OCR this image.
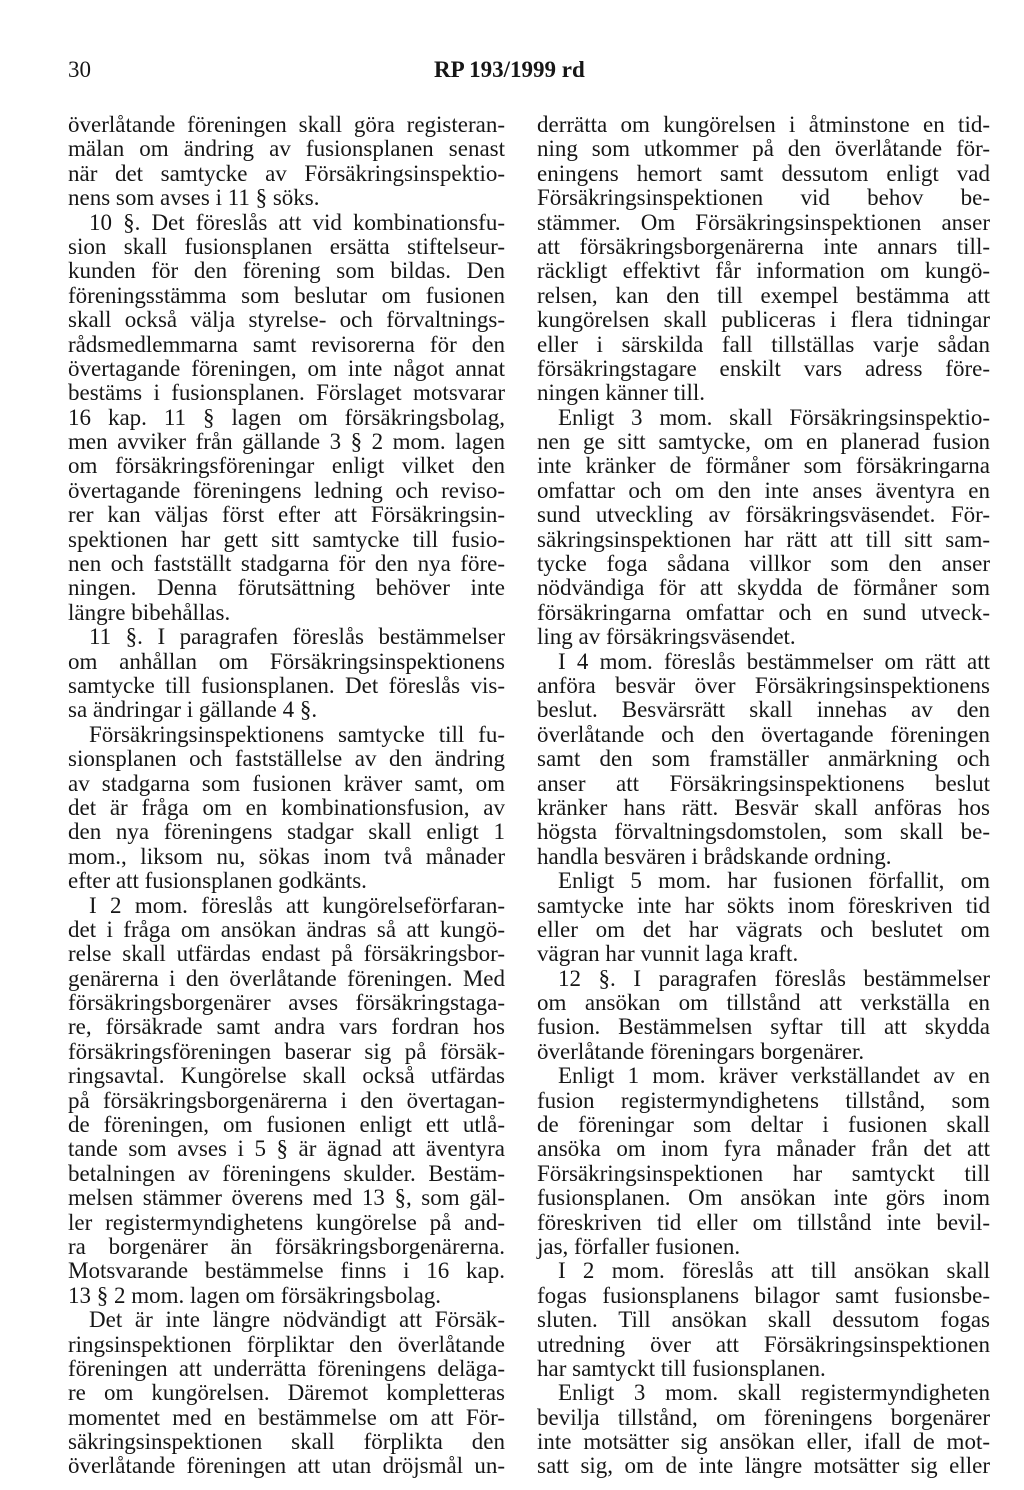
30	RP 193/1999 rd
överlåtande föreningen skall göra registeran-
mälan om ändring av fusionsplanen senast
när det samtycke av Försäkringsinspektio-
nens som avses i 11 § söks.
10 §. Det föreslås att vid kombinationsfu-
sion skall fusionsplanen ersätta stiftelseur-
kunden för den förening som bildas. Den
föreningsstämma som beslutar om fusionen
skall också välja styrelse- och förvaltnings-
rådsmedlemmarna samt revisorerna för den
övertagande föreningen, om inte något annat
bestäms i fusionsplanen. Förslaget motsvarar
16 kap. 11 § lagen om försäkringsbolag,
men avviker från gällande 3 § 2 mom. lagen
om försäkringsföreningar enligt vilket den
övertagande föreningens ledning och reviso-
rer kan väljas först efter att Försäkringsin-
spektionen har gett sitt samtycke till fusio-
nen och fastställt stadgarna för den nya före-
ningen. Denna förutsättning behöver inte
längre bibehållas.
11 §. I paragrafen föreslås bestämmelser
om anhållan om Försäkringsinspektionens
samtycke till fusionsplanen. Det föreslås vis-
sa ändringar i gällande 4 §.
Försäkringsinspektionens samtycke till fu-
sionsplanen och fastställelse av den ändring
av stadgarna som fusionen kräver samt, om
det är fråga om en kombinationsfusion, av
den nya föreningens stadgar skall enligt 1
mom., liksom nu, sökas inom två månader
efter att fusionsplanen godkänts.
I 2 mom. föreslås att kungörelseförfaran-
det i fråga om ansökan ändras så att kungö-
relse skall utfärdas endast på försäkringsbor-
genärerna i den överlåtande föreningen. Med
försäkringsborgenärer avses försäkringstaga-
re, försäkrade samt andra vars fordran hos
försäkringsföreningen baserar sig på försäk-
ringsavtal. Kungörelse skall också utfärdas
på försäkringsborgenärerna i den övertagan-
de föreningen, om fusionen enligt ett utlå-
tande som avses i 5 § är ägnad att äventyra
betalningen av föreningens skulder. Bestäm-
melsen stämmer överens med 13 §, som gäl-
ler registermyndighetens kungörelse på and-
ra borgenärer än försäkringsborgenärerna.
Motsvarande bestämmelse finns i 16 kap.
13 § 2 mom. lagen om försäkringsbolag.
Det är inte längre nödvändigt att Försäk-
ringsinspektionen förpliktar den överlåtande
föreningen att underrätta föreningens deläga-
re om kungörelsen. Däremot kompletteras
momentet med en bestämmelse om att För-
säkringsinspektionen skall förplikta den
överlåtande föreningen att utan dröjsmål un-
derrätta om kungörelsen i åtminstone en tid-
ning som utkommer på den överlåtande för-
eningens hemort samt dessutom enligt vad
Försäkringsinspektionen vid behov be-
stämmer. Om Försäkringsinspektionen anser
att försäkringsborgenärerna inte annars till-
räckligt effektivt får information om kungö-
relsen, kan den till exempel bestämma att
kungörelsen skall publiceras i flera tidningar
eller i särskilda fall tillställas varje sådan
försäkringstagare enskilt vars adress före-
ningen känner till.
Enligt 3 mom. skall Försäkringsinspektio-
nen ge sitt samtycke, om en planerad fusion
inte kränker de förmåner som försäkringarna
omfattar och om den inte anses äventyra en
sund utveckling av försäkringsväsendet. För-
säkringsinspektionen har rätt att till sitt sam-
tycke foga sådana villkor som den anser
nödvändiga för att skydda de förmåner som
försäkringarna omfattar och en sund utveck-
ling av försäkringsväsendet.
I 4 mom. föreslås bestämmelser om rätt att
anföra besvär över Försäkringsinspektionens
beslut. Besvärsrätt skall innehas av den
överlåtande och den övertagande föreningen
samt den som framställer anmärkning och
anser att Försäkringsinspektionens beslut
kränker hans rätt. Besvär skall anföras hos
högsta förvaltningsdomstolen, som skall be-
handla besvären i brådskande ordning.
Enligt 5 mom. har fusionen förfallit, om
samtycke inte har sökts inom föreskriven tid
eller om det har vägrats och beslutet om
vägran har vunnit laga kraft.
12 §. I paragrafen föreslås bestämmelser
om ansökan om tillstånd att verkställa en
fusion. Bestämmelsen syftar till att skydda
överlåtande föreningars borgenärer.
Enligt 1 mom. kräver verkställandet av en
fusion registermyndighetens tillstånd, som
de föreningar som deltar i fusionen skall
ansöka om inom fyra månader från det att
Försäkringsinspektionen har samtyckt till
fusionsplanen. Om ansökan inte görs inom
föreskriven tid eller om tillstånd inte bevil-
jas, förfaller fusionen.
I 2 mom. föreslås att till ansökan skall
fogas fusionsplanens bilagor samt fusionsbe-
sluten. Till ansökan skall dessutom fogas
utredning över att Försäkringsinspektionen
har samtyckt till fusionsplanen.
Enligt 3 mom. skall registermyndigheten
bevilja tillstånd, om föreningens borgenärer
inte motsätter sig ansökan eller, ifall de mot-
satt sig, om de inte längre motsätter sig eller
